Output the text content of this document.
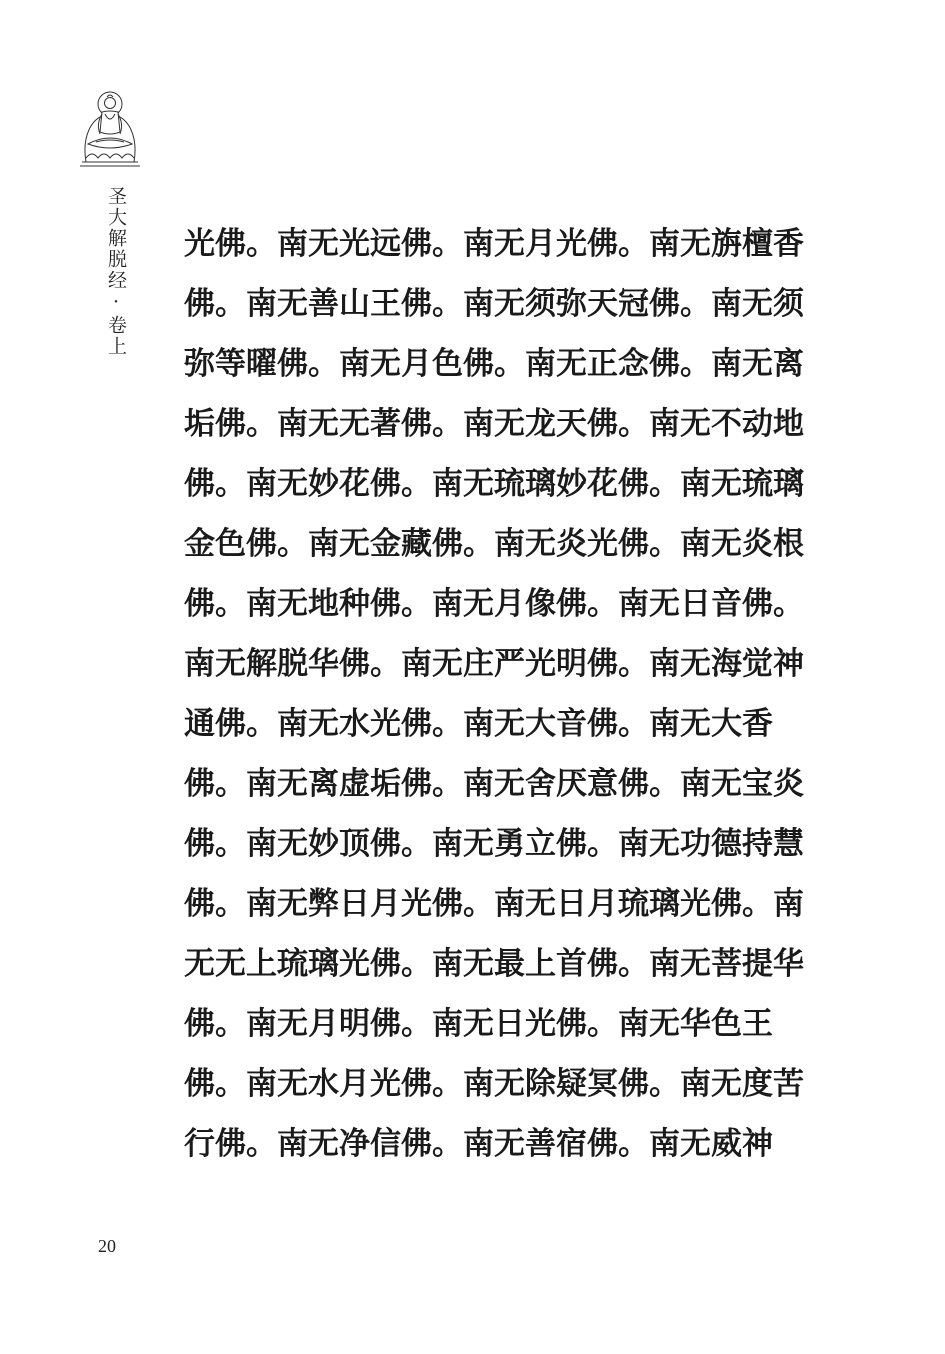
圣大解脱经·卷上 光佛。南无光远佛。南无月光佛。南无旃檀香
佛。南无善山王佛。南无须弥天冠佛。南无须
弥等曜佛。南无月色佛。南无正念佛。南无离
垢佛。南无无著佛。南无龙天佛。南无不动地
佛。南无妙花佛。南无琉璃妙花佛。南无琉璃
金色佛。南无金藏佛。南无炎光佛。南无炎根
佛。南无地种佛。南无月像佛。南无日音佛。
南无解脱华佛。南无庄严光明佛。南无海觉神
通佛。南无水光佛。南无大音佛。南无大香
佛。南无离虚垢佛。南无舍厌意佛。南无宝炎
佛。南无妙顶佛。南无勇立佛。南无功德持慧
佛。南无弊日月光佛。南无日月琉璃光佛。南
无无上琉璃光佛。南无最上首佛。南无菩提华
佛。南无月明佛。南无日光佛。南无华色王
佛。南无水月光佛。南无除疑冥佛。南无度苦
行佛。南无净信佛。南无善宿佛。南无威神
20
